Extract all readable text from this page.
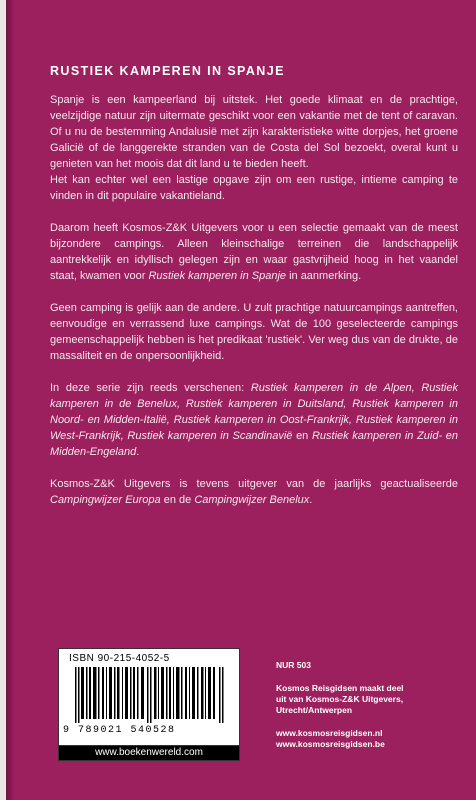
RUSTIEK KAMPEREN IN SPANJE

Spanje is een kampeerland bij uitstek. Het goede klimaat en de prachtige, veelzijdige natuur zijn uitermate geschikt voor een vakantie met de tent of caravan. Of u nu de bestemming Andalusië met zijn karakteristieke witte dorpjes, het groene Galicië of de langgerekte stranden van de Costa del Sol bezoekt, overal kunt u genieten van het moois dat dit land u te bieden heeft.

Het kan echter wel een lastige opgave zijn om een rustige, intieme camping te vinden in dit populaire vakantieland.

Daarom heeft Kosmos-Z&K Uitgevers voor u een selectie gemaakt van de meest bijzondere campings. Alleen kleinschalige terreinen die landschappelijk aantrekkelijk en idyllisch gelegen zijn en waar gastvrijheid hoog in het vaandel staat, kwamen voor Rustiek kamperen in Spanje in aanmerking.

Geen camping is gelijk aan de andere. U zult prachtige natuurcampings aantreffen, eenvoudige en verrassend luxe campings. Wat de 100 geselecteerde campings gemeenschappelijk hebben is het predikaat 'rustiek'. Ver weg dus van de drukte, de massaliteit en de onpersoonlijkheid.

In deze serie zijn reeds verschenen: Rustiek kamperen in de Alpen, Rustiek kamperen in de Benelux, Rustiek kamperen in Duitsland, Rustiek kamperen in Noord- en Midden-Italië, Rustiek kamperen in Oost-Frankrijk, Rustiek kamperen in West-Frankrijk, Rustiek kamperen in Scandinavië en Rustiek kamperen in Zuid- en Midden-Engeland.

Kosmos-Z&K Uitgevers is tevens uitgever van de jaarlijks geactualiseerde Campingwijzer Europa en de Campingwijzer Benelux.

ISBN 90-215-4052-5
9 789021 540528
www.boekenwereld.com
NUR 503
Kosmos Reisgidsen maakt deel
uit van Kosmos-Z&K Uitgevers,
Utrecht/Antwerpen
www.kosmosreisgidsen.nl
www.kosmosreisgidsen.be
